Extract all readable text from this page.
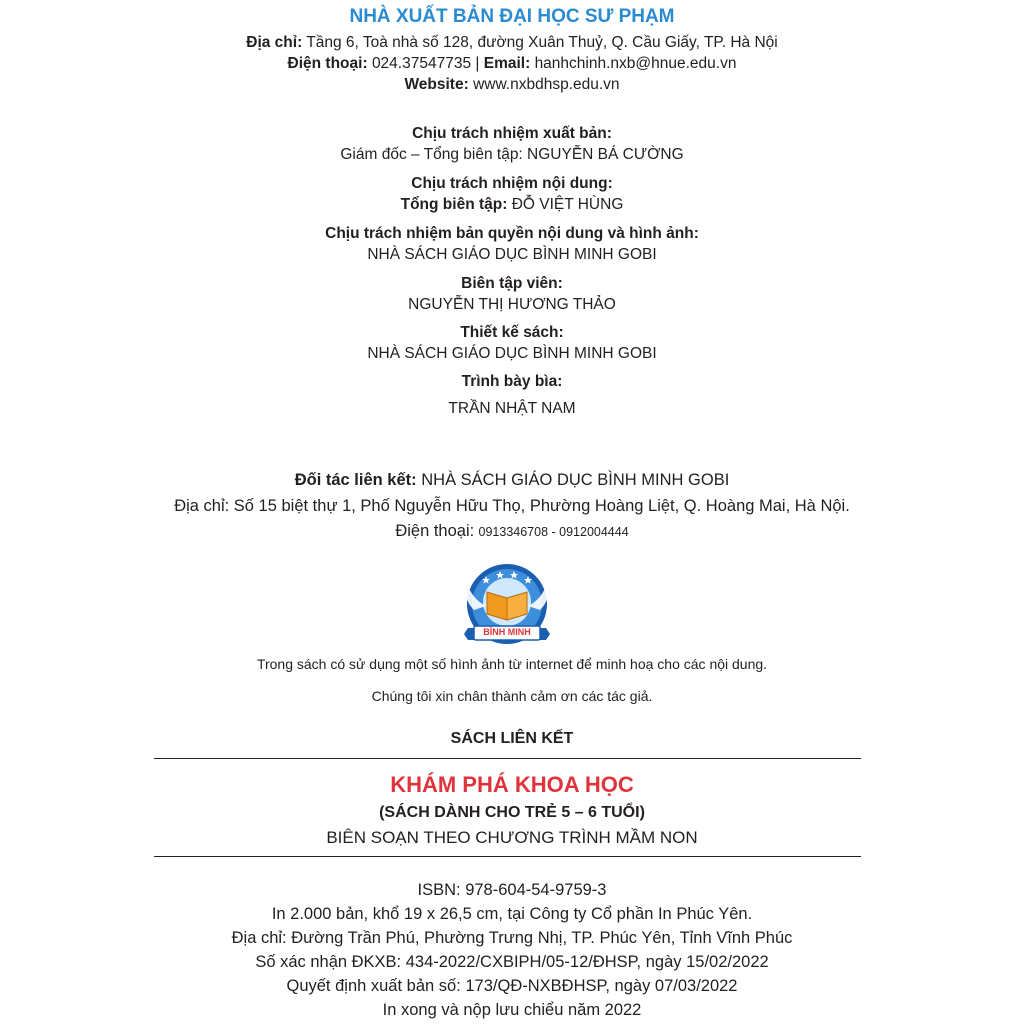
NHÀ XUẤT BẢN ĐẠI HỌC SƯ PHẠM
Địa chỉ: Tầng 6, Toà nhà số 128, đường Xuân Thuỷ, Q. Cầu Giấy, TP. Hà Nội
Điện thoại: 024.37547735 | Email: hanhchinh.nxb@hnue.edu.vn
Website: www.nxbdhsp.edu.vn
Chịu trách nhiệm xuất bản:
Giám đốc – Tổng biên tập: NGUYỄN BÁ CƯỜNG
Chịu trách nhiệm nội dung:
Tổng biên tập: ĐỖ VIỆT HÙNG
Chịu trách nhiệm bản quyền nội dung và hình ảnh:
NHÀ SÁCH GIÁO DỤC BÌNH MINH GOBI
Biên tập viên:
NGUYỄN THỊ HƯƠNG THẢO
Thiết kế sách:
NHÀ SÁCH GIÁO DỤC BÌNH MINH GOBI
Trình bày bìa:
TRẦN NHẬT NAM
Đối tác liên kết: NHÀ SÁCH GIÁO DỤC BÌNH MINH GOBI
Địa chỉ: Số 15 biệt thự 1, Phố Nguyễn Hữu Thọ, Phường Hoàng Liệt, Q. Hoàng Mai, Hà Nội.
Điện thoại: 0913346708 - 0912004444
BÌNH MINH
Trong sách có sử dụng một số hình ảnh từ internet để minh hoạ cho các nội dung.
Chúng tôi xin chân thành cảm ơn các tác giả.
SÁCH LIÊN KẾT
KHÁM PHÁ KHOA HỌC
(SÁCH DÀNH CHO TRẺ 5 – 6 TUỔI)
BIÊN SOẠN THEO CHƯƠNG TRÌNH MẦM NON
ISBN: 978-604-54-9759-3
In 2.000 bản, khổ 19 x 26,5 cm, tại Công ty Cổ phần In Phúc Yên.
Địa chỉ: Đường Trần Phú, Phường Trưng Nhị, TP. Phúc Yên, Tỉnh Vĩnh Phúc
Số xác nhận ĐKXB: 434-2022/CXBIPH/05-12/ĐHSP, ngày 15/02/2022
Quyết định xuất bản số: 173/QĐ-NXBĐHSP, ngày 07/03/2022
In xong và nộp lưu chiểu năm 2022
